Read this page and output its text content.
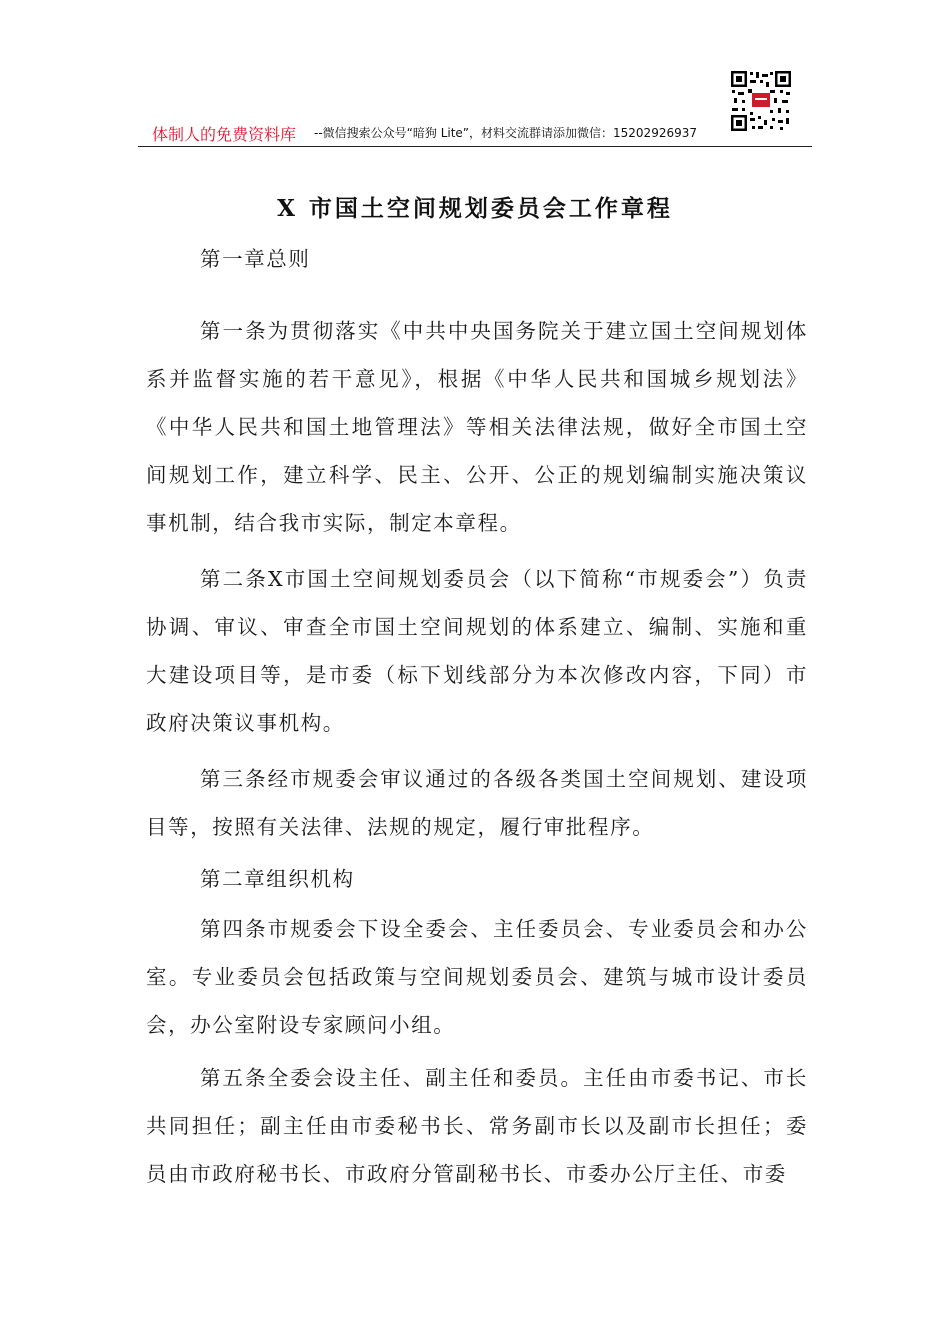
体制人的免费资料库 --微信搜索公众号“暗狗 Lite”，材料交流群请添加微信：15202926937
X 市国土空间规划委员会工作章程
第一章总则
第一条为贯彻落实《中共中央国务院关于建立国土空间规划体系并监督实施的若干意见》，根据《中华人民共和国城乡规划法》《中华人民共和国土地管理法》等相关法律法规，做好全市国土空间规划工作，建立科学、民主、公开、公正的规划编制实施决策议事机制，结合我市实际，制定本章程。
第二条X市国土空间规划委员会（以下简称“市规委会”）负责协调、审议、审查全市国土空间规划的体系建立、编制、实施和重大建设项目等，是市委（标下划线部分为本次修改内容，下同）市政府决策议事机构。
第三条经市规委会审议通过的各级各类国土空间规划、建设项目等，按照有关法律、法规的规定，履行审批程序。
第二章组织机构
第四条市规委会下设全委会、主任委员会、专业委员会和办公室。专业委员会包括政策与空间规划委员会、建筑与城市设计委员会，办公室附设专家顾问小组。
第五条全委会设主任、副主任和委员。主任由市委书记、市长共同担任；副主任由市委秘书长、常务副市长以及副市长担任；委员由市政府秘书长、市政府分管副秘书长、市委办公厅主任、市委
